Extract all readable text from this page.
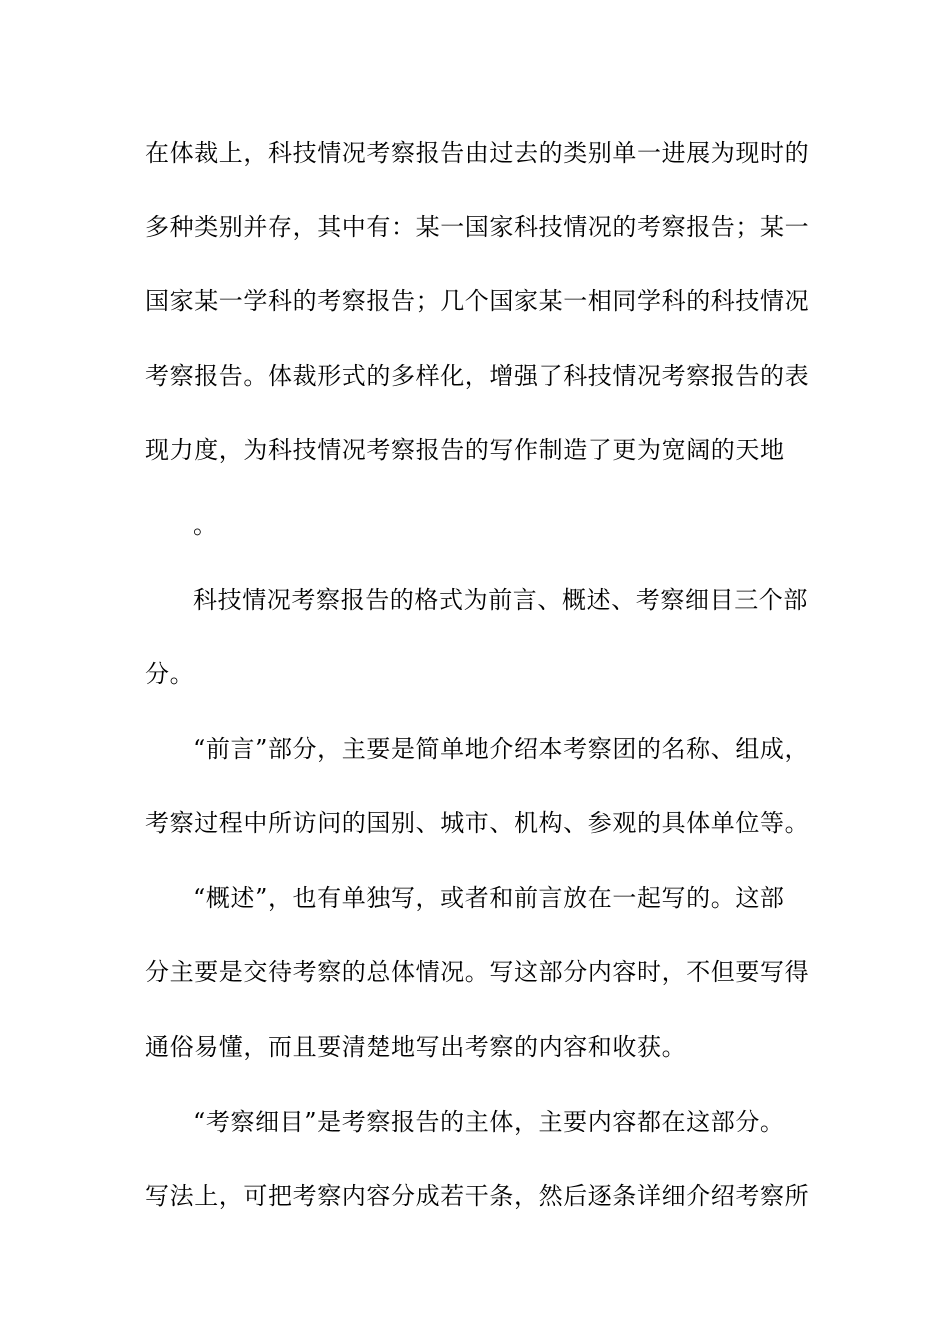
在体裁上，科技情况考察报告由过去的类别单一进展为现时的
多种类别并存，其中有：某一国家科技情况的考察报告；某一
国家某一学科的考察报告；几个国家某一相同学科的科技情况
考察报告。体裁形式的多样化，增强了科技情况考察报告的表
现力度，为科技情况考察报告的写作制造了更为宽阔的天地
。
科技情况考察报告的格式为前言、概述、考察细目三个部
分。
“前言”部分，主要是简单地介绍本考察团的名称、组成，
考察过程中所访问的国别、城市、机构、参观的具体单位等。
“概述”，也有单独写，或者和前言放在一起写的。这部
分主要是交待考察的总体情况。写这部分内容时，不但要写得
通俗易懂，而且要清楚地写出考察的内容和收获。
“考察细目”是考察报告的主体，主要内容都在这部分。
写法上，可把考察内容分成若干条，然后逐条详细介绍考察所
